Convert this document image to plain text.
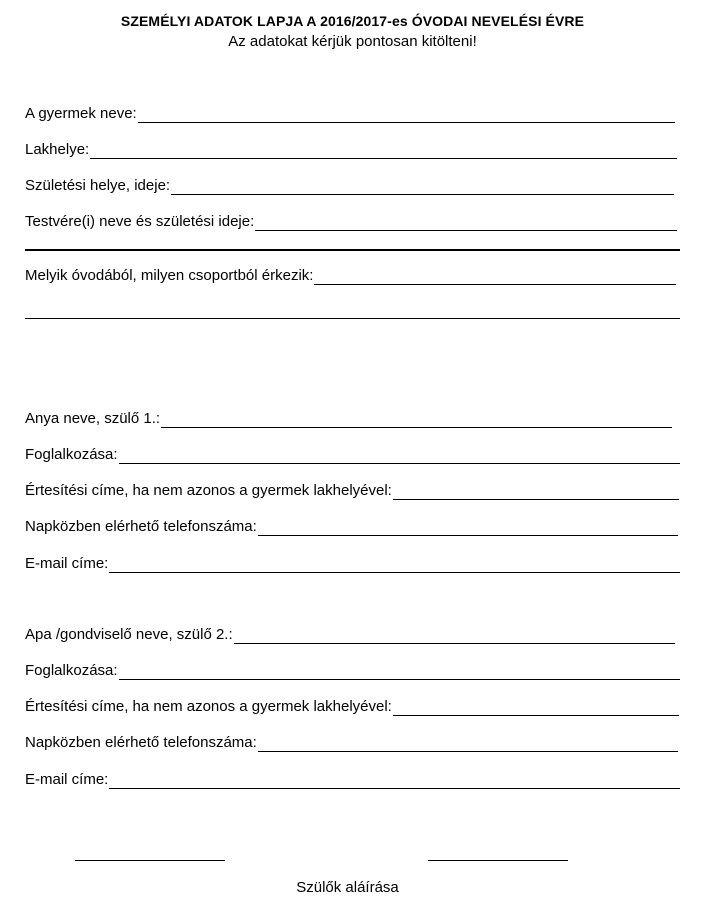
SZEMÉLYI ADATOK LAPJA A 2016/2017-es ÓVODAI NEVELÉSI ÉVRE
Az adatokat kérjük pontosan kitölteni!
A gyermek neve:
Lakhelye:
Születési helye, ideje:
Testvére(i) neve és születési ideje:
Melyik óvodából, milyen csoportból érkezik:
Anya neve, szülő 1.:
Foglalkozása:
Értesítési címe, ha nem azonos a gyermek lakhelyével:
Napközben elérhető telefonszáma:
E-mail címe:
Apa /gondviselő neve, szülő 2.:
Foglalkozása:
Értesítési címe, ha nem azonos a gyermek lakhelyével:
Napközben elérhető telefonszáma:
E-mail címe:
Szülők aláírása
